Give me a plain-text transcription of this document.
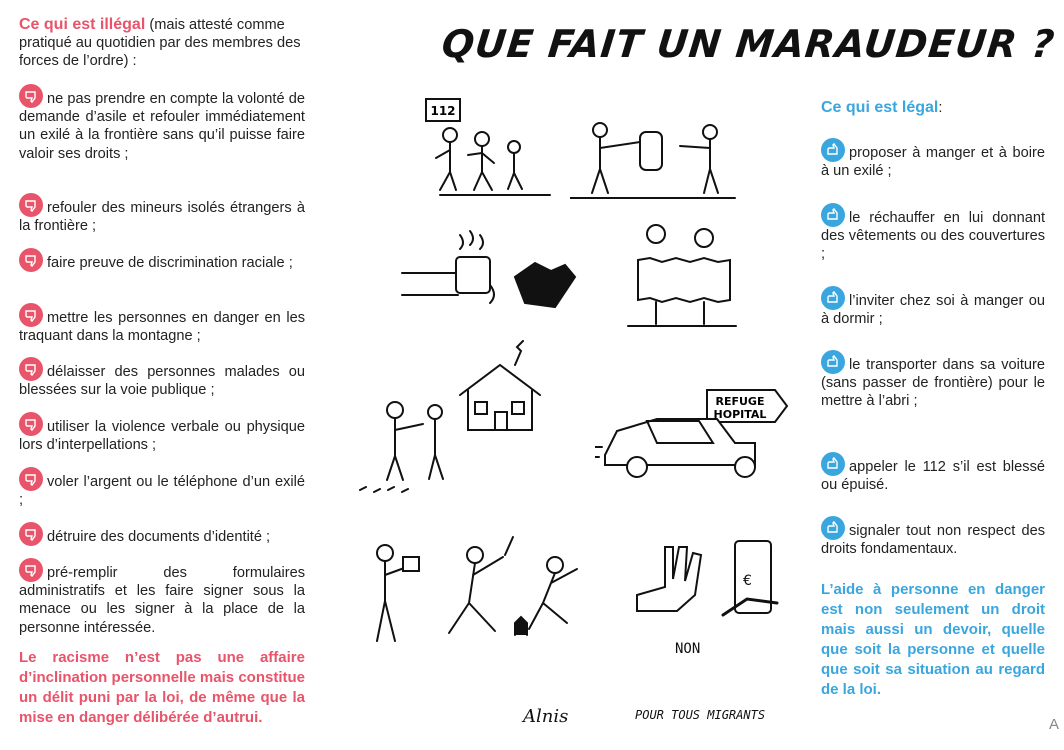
Ce qui est illégal (mais attesté comme pratiqué au quotidien par des membres des forces de l’ordre) :
ne pas prendre en compte la volonté de demande d’asile et refouler immédiatement un exilé à la frontière sans qu’il puisse faire valoir ses droits ;
refouler des mineurs isolés étrangers à la frontière ;
faire preuve de discrimination raciale ;
mettre les personnes en danger en les traquant dans la montagne ;
délaisser des personnes malades ou blessées sur la voie publique ;
utiliser la violence verbale ou physique lors d’interpellations ;
voler l’argent ou le téléphone d’un exilé ;
détruire des documents d’identité ;
pré-remplir des formulaires administratifs et les faire signer sous la menace ou les signer à la place de la personne intéressée.
Le racisme n’est pas une affaire d’inclination personnelle mais constitue un délit puni par la loi, de même que la mise en danger délibérée d’autrui.
QUE FAIT UN MARAUDEUR ?
112
REFUGE
HOPITAL
€
NON
Alnis	POUR TOUS MIGRANTS
Ce qui est légal:
proposer à manger et à boire à un exilé ;
le réchauffer en lui donnant des vêtements ou des couvertures ;
l’inviter chez soi à manger ou à dormir ;
le transporter dans sa voiture (sans passer de frontière) pour le mettre à l’abri ;
appeler le 112 s’il est blessé ou épuisé.
signaler tout non respect des droits fondamentaux.
L’aide à personne en danger est non seulement un droit mais aussi un devoir, quelle que soit la personne et quelle que soit sa situation au regard de la loi.
A
